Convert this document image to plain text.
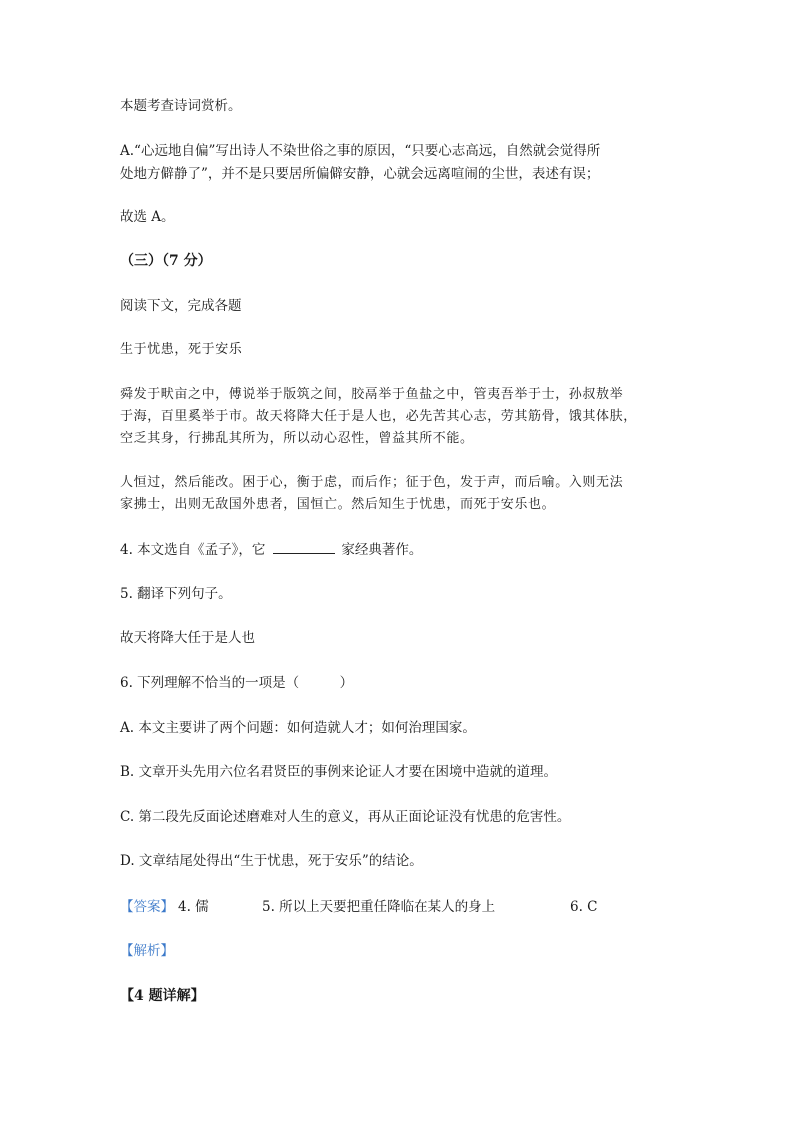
本题考查诗词赏析。
A.“心远地自偏”写出诗人不染世俗之事的原因，“只要心志高远，自然就会觉得所
处地方僻静了”，并不是只要居所偏僻安静，心就会远离喧闹的尘世，表述有误；
故选 A。
（三）（7 分）
阅读下文，完成各题
生于忧患，死于安乐
舜发于畎亩之中，傅说举于版筑之间，胶鬲举于鱼盐之中，管夷吾举于士，孙叔敖举
于海，百里奚举于市。故天将降大任于是人也，必先苦其心志，劳其筋骨，饿其体肤，
空乏其身，行拂乱其所为，所以动心忍性，曾益其所不能。
人恒过，然后能改。困于心，衡于虑，而后作；征于色，发于声，而后喻。入则无法
家拂士，出则无敌国外患者，国恒亡。然后知生于忧患，而死于安乐也。
4. 本文选自《孟子》，它	家经典著作。
5. 翻译下列句子。
故天将降大任于是人也
6. 下列理解不恰当的一项是（　　　）
A. 本文主要讲了两个问题：如何造就人才；如何治理国家。
B. 文章开头先用六位名君贤臣的事例来论证人才要在困境中造就的道理。
C. 第二段先反面论述磨难对人生的意义，再从正面论证没有忧患的危害性。
D. 文章结尾处得出“生于忧患，死于安乐”的结论。
【答案】 4. 儒	5. 所以上天要把重任降临在某人的身上	6. C
【解析】
【4 题详解】
